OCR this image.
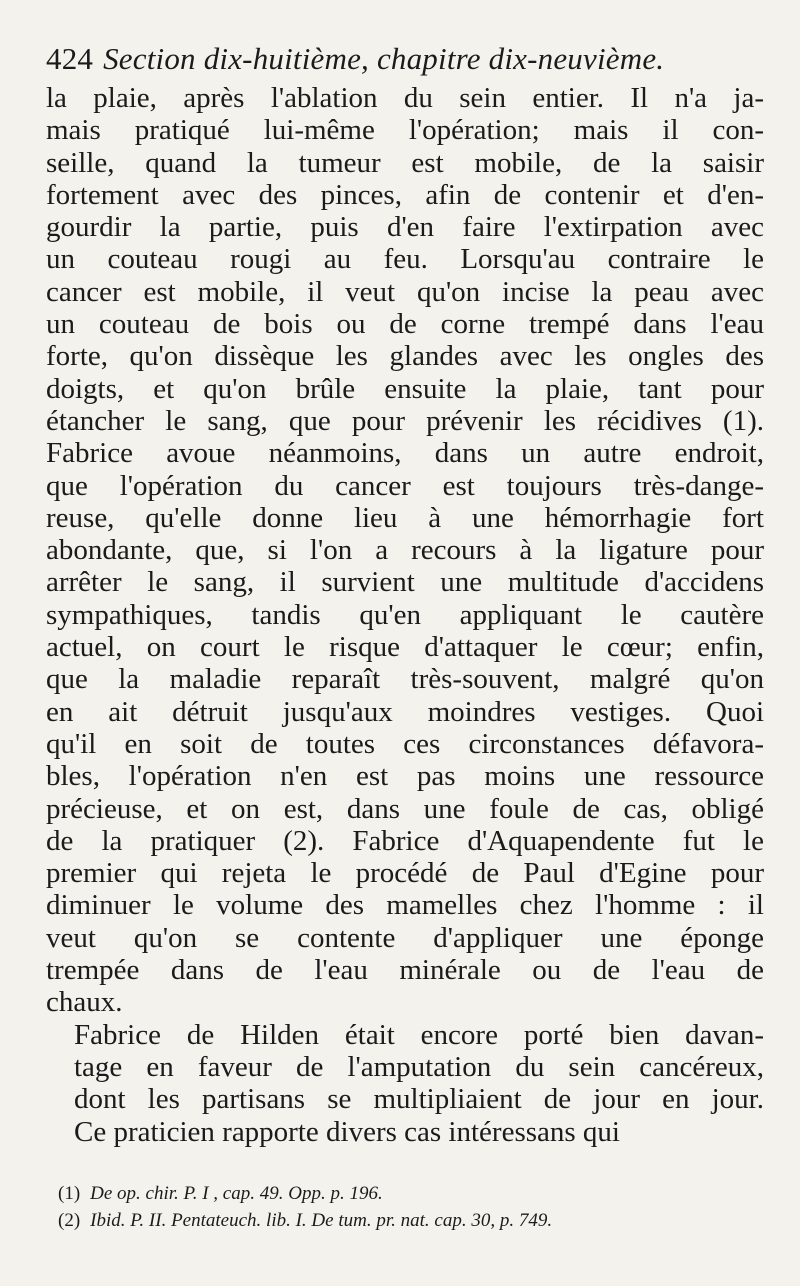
424 Section dix-huitième, chapitre dix-neuvième.
la plaie, après l'ablation du sein entier. Il n'a ja-
mais pratiqué lui-même l'opération; mais il con-
seille, quand la tumeur est mobile, de la saisir
fortement avec des pinces, afin de contenir et d'en-
gourdir la partie, puis d'en faire l'extirpation avec
un couteau rougi au feu. Lorsqu'au contraire le
cancer est mobile, il veut qu'on incise la peau avec
un couteau de bois ou de corne trempé dans l'eau
forte, qu'on dissèque les glandes avec les ongles des
doigts, et qu'on brûle ensuite la plaie, tant pour
étancher le sang, que pour prévenir les récidives (1).
Fabrice avoue néanmoins, dans un autre endroit,
que l'opération du cancer est toujours très-dange-
reuse, qu'elle donne lieu à une hémorrhagie fort
abondante, que, si l'on a recours à la ligature pour
arrêter le sang, il survient une multitude d'accidens
sympathiques, tandis qu'en appliquant le cautère
actuel, on court le risque d'attaquer le cœur; enfin,
que la maladie reparaît très-souvent, malgré qu'on
en ait détruit jusqu'aux moindres vestiges. Quoi
qu'il en soit de toutes ces circonstances défavora-
bles, l'opération n'en est pas moins une ressource
précieuse, et on est, dans une foule de cas, obligé
de la pratiquer (2). Fabrice d'Aquapendente fut le
premier qui rejeta le procédé de Paul d'Egine pour
diminuer le volume des mamelles chez l'homme : il
veut qu'on se contente d'appliquer une éponge
trempée dans de l'eau minérale ou de l'eau de
chaux.
Fabrice de Hilden était encore porté bien davan-
tage en faveur de l'amputation du sein cancéreux,
dont les partisans se multipliaient de jour en jour.
Ce praticien rapporte divers cas intéressans qui
(1) De op. chir. P. I , cap. 49. Opp. p. 196.
(2) Ibid. P. II. Pentateuch. lib. I. De tum. pr. nat. cap. 30, p. 749.
